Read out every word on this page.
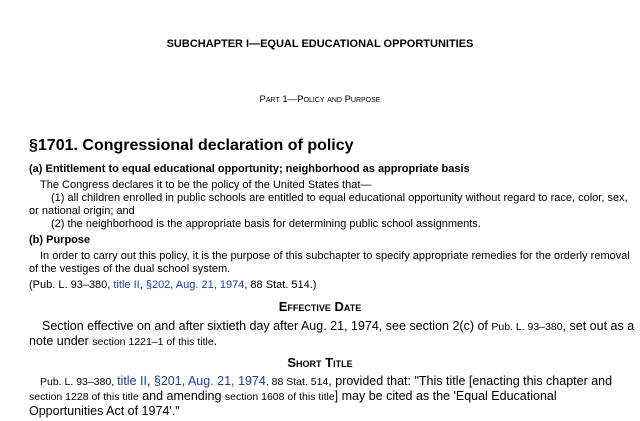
SUBCHAPTER I—EQUAL EDUCATIONAL OPPORTUNITIES
Part 1—Policy and Purpose
§1701. Congressional declaration of policy
(a) Entitlement to equal educational opportunity; neighborhood as appropriate basis
The Congress declares it to be the policy of the United States that—
(1) all children enrolled in public schools are entitled to equal educational opportunity without regard to race, color, sex,
or national origin; and
(2) the neighborhood is the appropriate basis for determining public school assignments.
(b) Purpose
In order to carry out this policy, it is the purpose of this subchapter to specify appropriate remedies for the orderly removal
of the vestiges of the dual school system.
(Pub. L. 93–380, title II, §202, Aug. 21, 1974, 88 Stat. 514.)
Effective Date
Section effective on and after sixtieth day after Aug. 21, 1974, see section 2(c) of Pub. L. 93–380, set out as a
note under section 1221–1 of this title.
Short Title
Pub. L. 93–380, title II, §201, Aug. 21, 1974, 88 Stat. 514, provided that: "This title [enacting this chapter and
section 1228 of this title and amending section 1608 of this title] may be cited as the 'Equal Educational
Opportunities Act of 1974'."
